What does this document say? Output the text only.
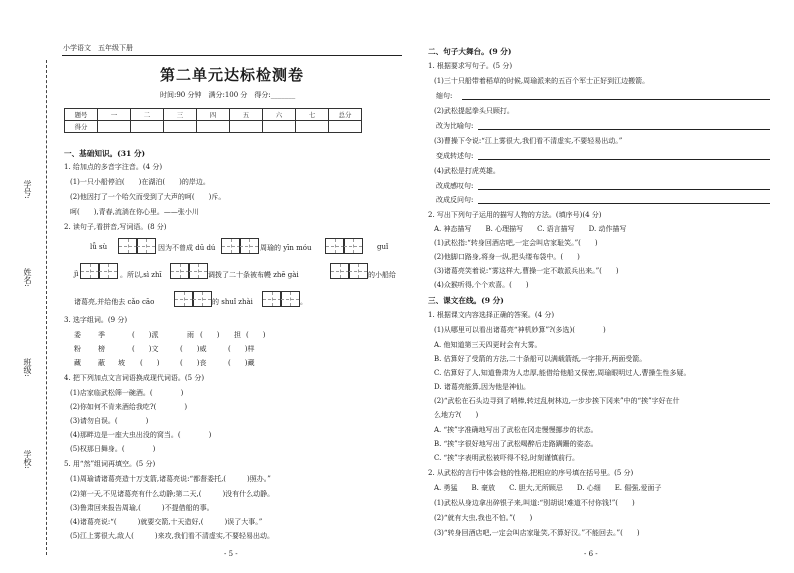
小学语文　五年级下册
第二单元达标检测卷
时间:90 分钟　满分:100 分　得分:_______
题号	一	二	三	四	五	六	七	总分
得分								
学号:
姓名:
班级:
学校:
一、基础知识。(31 分)
1. 给加点的多音字注音。(4 分)
(1)一只小船停泊(　　)在湖泊(　　)的岸边。
(2)他因打了一个哈欠而受到了大声的呵(　　)斥。
呵(　　),青春,流淌在你心里。——张小川
2. 读句子,看拼音,写词语。(8 分)
lǚ sù	因为不曾成 dū dú	周瑜的 yīn móu	guǐ
jì	。所以,sì zhī	调拨了二十条被布幔 zhē gài	的小船给
诸葛亮,并给他去 cǎo cāo	的 shuǐ zhài	。
3. 选字组词。(9 分)
委 季	(　　)派	雨 (　　) 担 (　　)
粉 榜	(　　)文	(　　)威	(　　)样
藏 蔽 坡 (　　)	(　　)丧	(　　)藏
4. 把下列加点文言词语换成现代词语。(5 分)
(1)店家临武松筛一碗酒。(　　　　)
(2)你如何不肯来酒给我吃?(　　　　)
(3)请勿自误。(　　　　)
(4)那畔边是一座大虫出没的窝当。(　　　　)
(5)权那日舞身。(　　　　)
5. 用“然”组词再填空。(5 分)
(1)周瑜请诸葛亮造十万支箭,诸葛亮说:“都督委托,(　　　)照办。”
(2)第一天,不见诸葛亮有什么动静;第二天,(　　　)没有什么动静。
(3)鲁肃回来报告周瑜,(　　　)不提借船的事。
(4)诸葛亮说:“(　　　)就要交箭,十天造好,(　　　)误了大事。”
(5)江上雾很大,敌人(　　　)来攻,我们看不清虚实,不要轻易出动。
- 5 -
二、句子大舞台。(9 分)
1. 根据要求写句子。(5 分)
(1)三十只船带着稻草的时候,周瑜派来的五百个军士正好到江边搬箭。
缩句:
(2)武松提起拳头只顾打。
改为比喻句:
(3)曹操下令说:“江上雾很大,我们看不清虚实,不要轻易出动。”
变成转述句:
(4)武松是打虎英雄。
改成感叹句:
改成反问句:
2. 写出下列句子运用的描写人物的方法。(填序号)(4 分)
A. 神态描写　　B. 心理描写　　C. 语言描写　　D. 动作描写
(1)武松指:“转身回酒店吧,一定会叫店家耻笑。”(　　)
(2)他脚口路身,将身一纵,把头缕布袋中。(　　)
(3)诸葛亮笑着说:“雾这样大,曹操一定不敢派兵出来。”(　　)
(4)众猴听得,个个欢喜。(　　)
三、课文在线。(9 分)
1. 根据课文内容选择正确的答案。(4 分)
(1)从哪里可以看出诸葛亮“神机妙算”?(多选)(　　　　)
A. 他知道第三天四更时会有大雾。
B. 估算好了受箭的方法,二十条船可以满载箭纸,一字排开,两面受箭。
C. 估算好了人,知道鲁肃为人忠厚,能借给他船又保密,周瑜眼明过人,曹操生性多疑。
D. 诸葛亮能算,因为他是神仙。
(2)“武松在石头边寻到了哨棒,转过乱树林边,一步步挨下冈来”中的“挨”字好在什
么地方?(　　)
A. “挨”字准确地写出了武松在冈走慢慢挪步的状态。
B. “挨”字很好地写出了武松喝醉后走路蹒跚的姿态。
C. “挨”字表明武松被吓得不轻,时刻谨慎前行。
2. 从武松的言行中体会他的性格,把相应的序号填在括号里。(5 分)
A. 勇猛　　B. 豪放　　C. 胆大,无所顾忌　　D. 心细　　E. 倔强,爱面子
(1)武松从身边拿出碎银子来,叫道:“别胡说!难道不付你钱!”(　　)
(2)“就有大虫,我也不怕。”(　　)
(3)“转身回酒店吧,一定会叫店家耻笑,不算好汉。”不能回去。”(　　)
- 6 -
